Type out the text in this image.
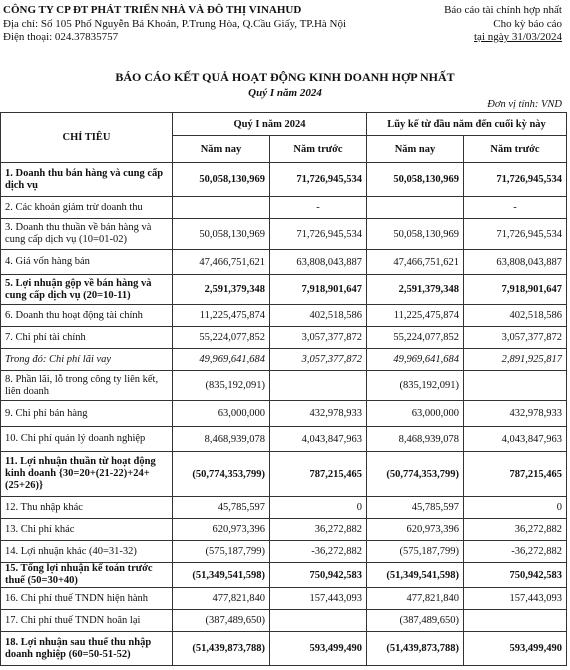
CÔNG TY CP ĐT PHÁT TRIỂN NHÀ VÀ ĐÔ THỊ VINAHUD
Địa chỉ: Số 105 Phố Nguyễn Bá Khoản, P.Trung Hòa, Q.Cầu Giấy, TP.Hà Nội
Điện thoại: 024.37835757
Báo cáo tài chính hợp nhất
Cho kỳ báo cáo
tại ngày 31/03/2024
BÁO CÁO KẾT QUẢ HOẠT ĐỘNG KINH DOANH HỢP NHẤT
Quý I năm 2024
Đơn vị tính: VND
CHỈ TIÊU	Quý I năm 2024		Lũy kế từ đầu năm đến cuối kỳ này	
	Năm nay	Năm trước	Năm nay	Năm trước
1. Doanh thu bán hàng và cung cấp dịch vụ	50,058,130,969	71,726,945,534	50,058,130,969	71,726,945,534
2. Các khoản giảm trừ doanh thu		-		-
3. Doanh thu thuần về bán hàng và cung cấp dịch vụ (10=01-02)	50,058,130,969	71,726,945,534	50,058,130,969	71,726,945,534
4. Giá vốn hàng bán	47,466,751,621	63,808,043,887	47,466,751,621	63,808,043,887
5. Lợi nhuận gộp về bán hàng và cung cấp dịch vụ (20=10-11)	2,591,379,348	7,918,901,647	2,591,379,348	7,918,901,647
6. Doanh thu hoạt động tài chính	11,225,475,874	402,518,586	11,225,475,874	402,518,586
7. Chi phí tài chính	55,224,077,852	3,057,377,872	55,224,077,852	3,057,377,872
Trong đó: Chi phí lãi vay	49,969,641,684	3,057,377,872	49,969,641,684	2,891,925,817
8. Phần lãi, lỗ trong công ty liên kết, liên doanh	(835,192,091)		(835,192,091)	
9. Chi phí bán hàng	63,000,000	432,978,933	63,000,000	432,978,933
10. Chi phí quản lý doanh nghiệp	8,468,939,078	4,043,847,963	8,468,939,078	4,043,847,963
11. Lợi nhuận thuần từ hoạt động kinh doanh {30=20+(21-22)+24+(25+26)}	(50,774,353,799)	787,215,465	(50,774,353,799)	787,215,465
12. Thu nhập khác	45,785,597	0	45,785,597	0
13. Chi phí khác	620,973,396	36,272,882	620,973,396	36,272,882
14. Lợi nhuận khác (40=31-32)	(575,187,799)	-36,272,882	(575,187,799)	-36,272,882
15. Tổng lợi nhuận kế toán trước thuế (50=30+40)	(51,349,541,598)	750,942,583	(51,349,541,598)	750,942,583
16. Chi phí thuế TNDN hiện hành	477,821,840	157,443,093	477,821,840	157,443,093
17. Chi phí thuế TNDN hoãn lại	(387,489,650)		(387,489,650)	
18. Lợi nhuận sau thuế thu nhập doanh nghiệp (60=50-51-52)	(51,439,873,788)	593,499,490	(51,439,873,788)	593,499,490
